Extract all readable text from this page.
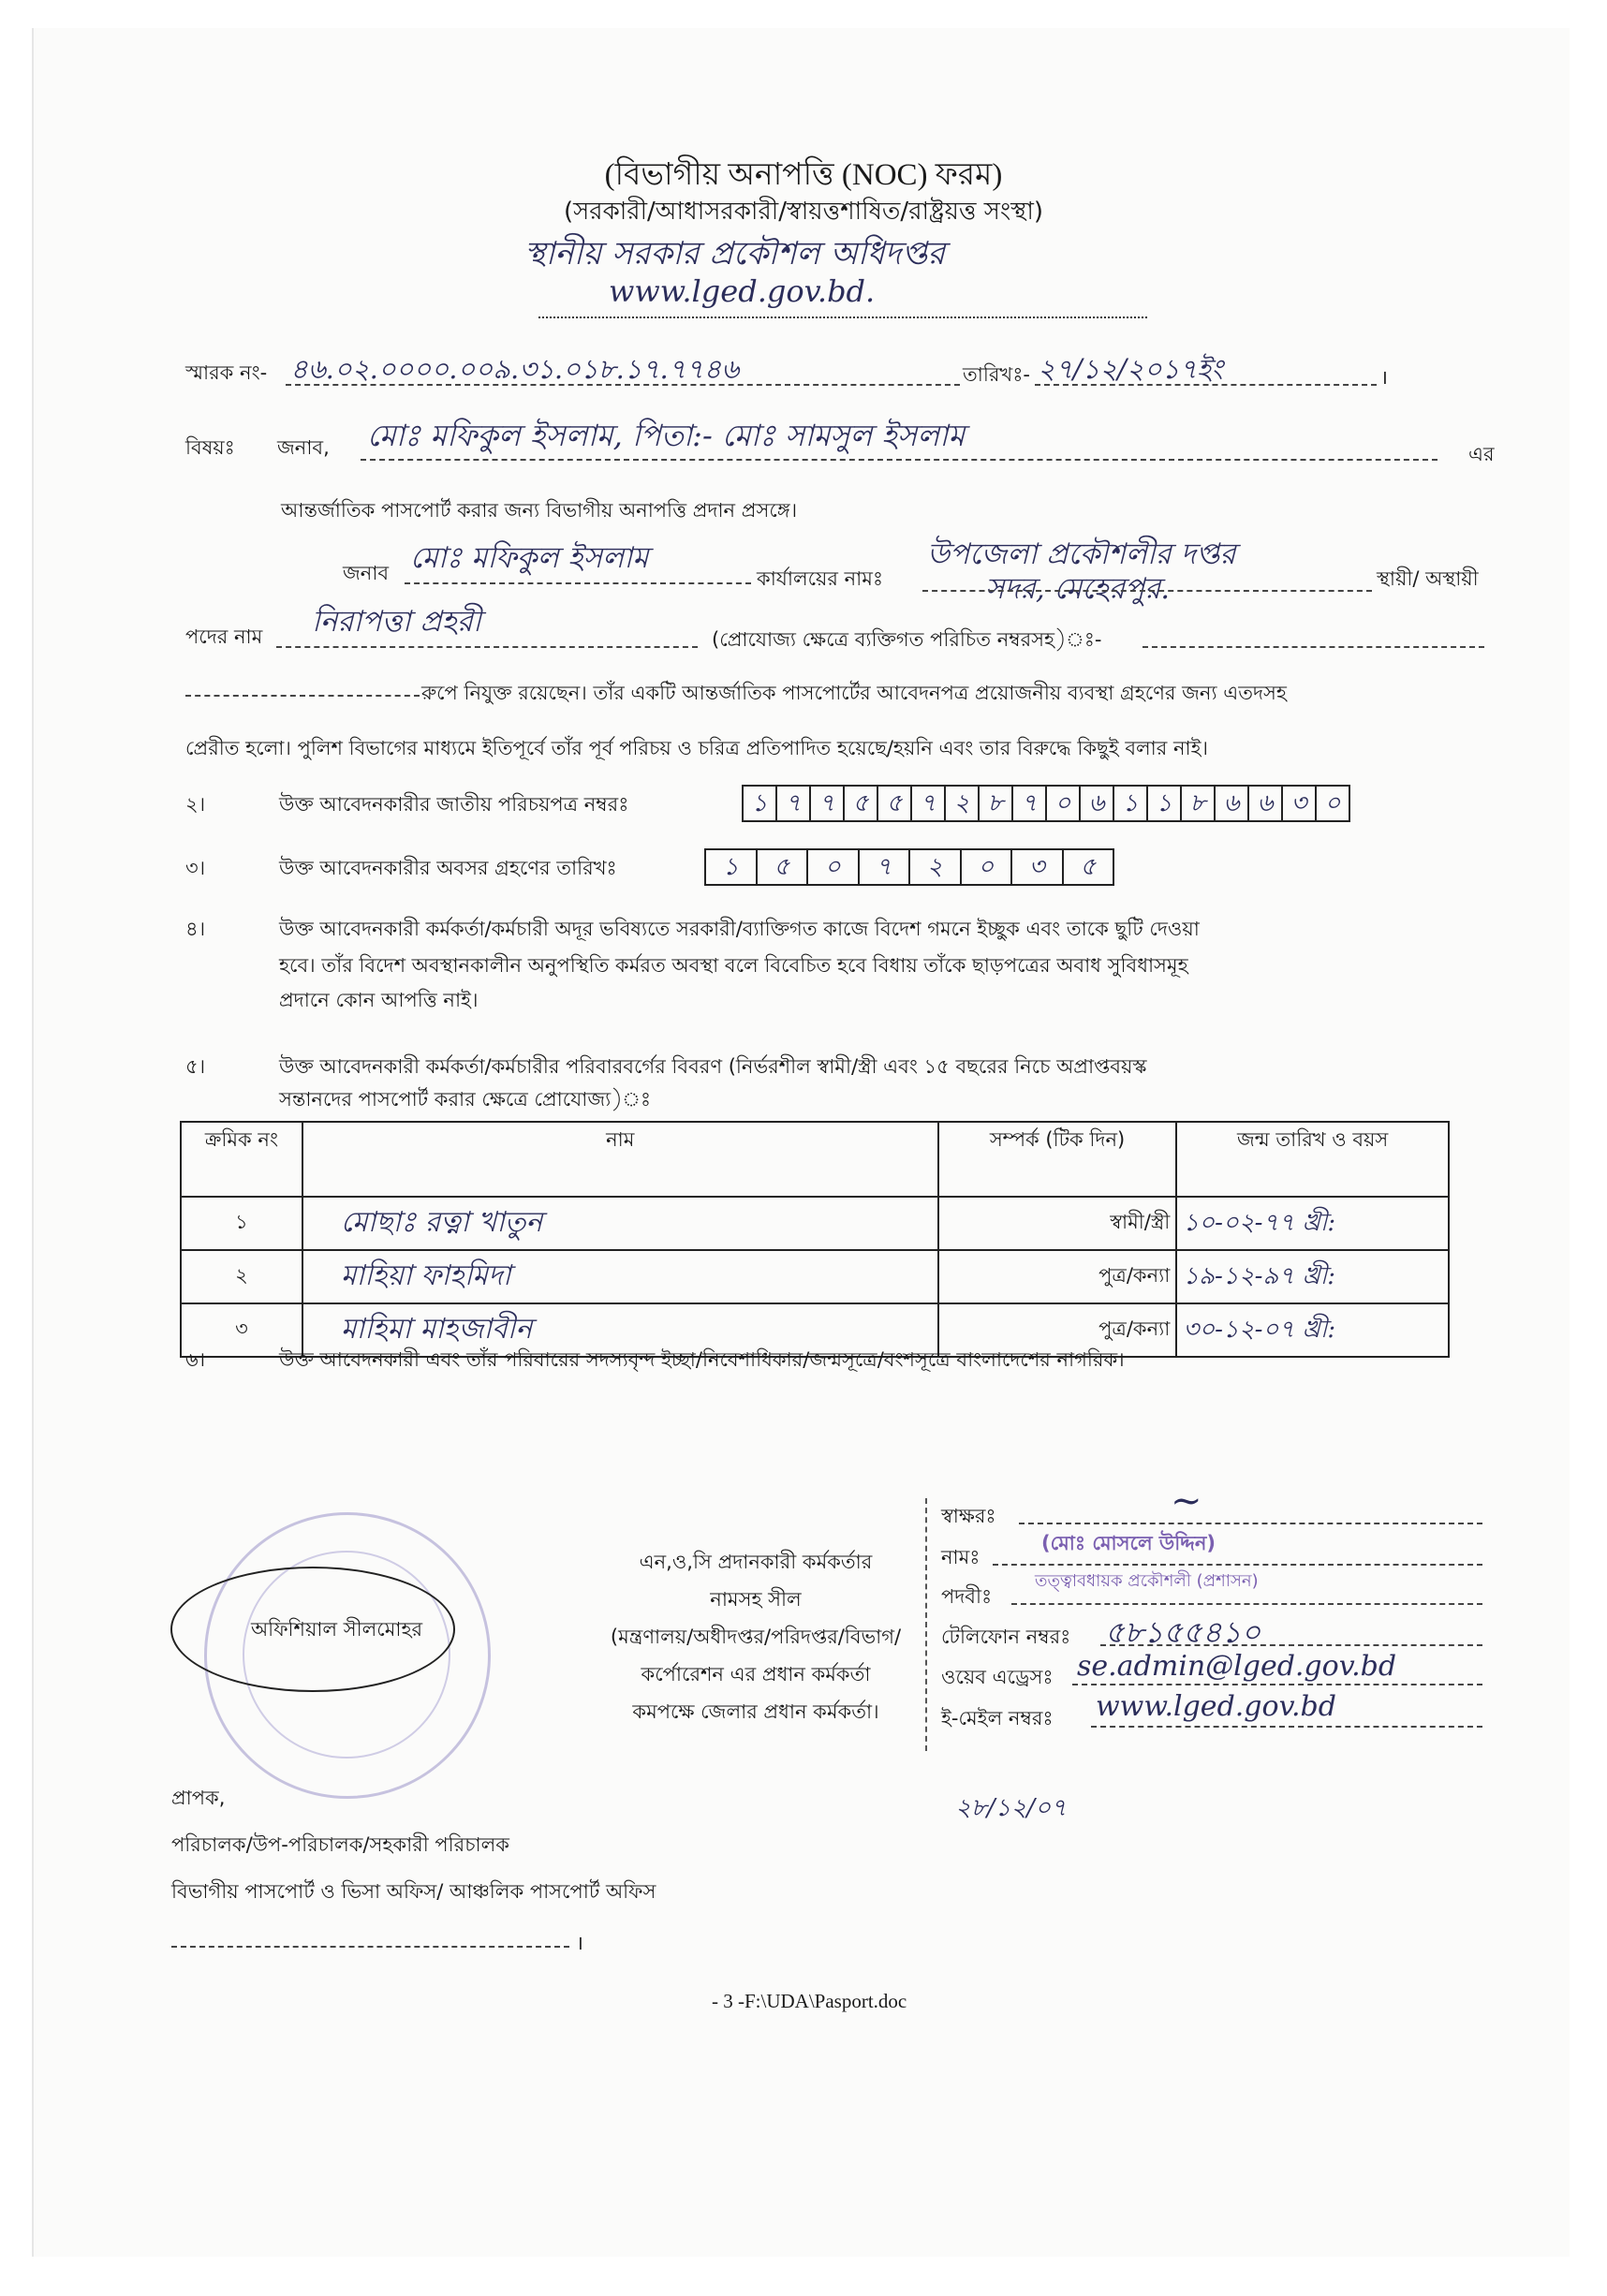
(বিভাগীয় অনাপত্তি (NOC) ফরম)
(সরকারী/আধাসরকারী/স্বায়ত্তশাষিত/রাষ্ট্রয়ত্ত সংস্থা)
স্থানীয় সরকার প্রকৌশল অধিদপ্তর
www.lged.gov.bd.
স্মারক নং- ৪৬.০২.০০০০.০০৯.৩১.০১৮.১৭.৭৭৪৬	তারিখঃ- ২৭/১২/২০১৭ইং	।
বিষয়ঃ জনাব, মোঃ মফিকুল ইসলাম, পিতা:- মোঃ সামসুল ইসলাম
এর
আন্তর্জাতিক পাসপোর্ট করার জন্য বিভাগীয় অনাপত্তি প্রদান প্রসঙ্গে।
জনাব মোঃ মফিকুল ইসলাম
কার্যালয়ের নামঃ
উপজেলা প্রকৌশলীর দপ্তর
সদর, মেহেরপুর.	স্থায়ী/ অস্থায়ী
পদের নাম নিরাপত্তা প্রহরী
(প্রোযোজ্য ক্ষেত্রে ব্যক্তিগত পরিচিত নম্বরসহ)ঃ-
রুপে নিযুক্ত রয়েছেন। তাঁর একটি আন্তর্জাতিক পাসপোর্টের আবেদনপত্র প্রয়োজনীয় ব্যবস্থা গ্রহণের জন্য এতদসহ
প্রেরীত হলো। পুলিশ বিভাগের মাধ্যমে ইতিপূর্বে তাঁর পূর্ব পরিচয় ও চরিত্র প্রতিপাদিত হয়েছে/হয়নি এবং তার বিরুদ্ধে কিছুই বলার নাই।
২।	উক্ত আবেদনকারীর জাতীয় পরিচয়পত্র নম্বরঃ	১ ৭ ৭ ৫ ৫ ৭ ২ ৮ ৭ ০ ৬ ১ ১ ৮ ৬ ৬ ৩ ০
৩।	উক্ত আবেদনকারীর অবসর গ্রহণের তারিখঃ	১	৫	০	৭	২	০	৩	৫
৪।	উক্ত আবেদনকারী কর্মকর্তা/কর্মচারী অদূর ভবিষ্যতে সরকারী/ব্যাক্তিগত কাজে বিদেশ গমনে ইচ্ছুক এবং তাকে ছুটি দেওয়া
হবে। তাঁর বিদেশ অবস্থানকালীন অনুপস্থিতি কর্মরত অবস্থা বলে বিবেচিত হবে বিধায় তাঁকে ছাড়পত্রের অবাধ সুবিধাসমূহ
প্রদানে কোন আপত্তি নাই।
৫।	উক্ত আবেদনকারী কর্মকর্তা/কর্মচারীর পরিবারবর্গের বিবরণ (নির্ভরশীল স্বামী/স্ত্রী এবং ১৫ বছরের নিচে অপ্রাপ্তবয়স্ক
সন্তানদের পাসপোর্ট করার ক্ষেত্রে প্রোযোজ্য)ঃ
ক্রমিক নং	নাম	সম্পর্ক (টিক দিন)	জন্ম তারিখ ও বয়স
১	মোছাঃ রত্না খাতুন	স্বামী/স্ত্রী	১০-০২-৭৭ খ্রী:
২	মাহিয়া ফাহমিদা	পুত্র/কন্যা	১৯-১২-৯৭ খ্রী:
৩	মাহিমা মাহজাবীন	পুত্র/কন্যা	৩০-১২-০৭ খ্রী:
৬।	উক্ত আবেদনকারী এবং তাঁর পরিবারের সদস্যবৃন্দ ইচ্ছা/নিবেশাধিকার/জন্মসূত্রে/বংশসূত্রে বাংলাদেশের নাগরিক।
অফিশিয়াল সীলমোহর
এন,ও,সি প্রদানকারী কর্মকর্তার
নামসহ সীল
(মন্ত্রণালয়/অধীদপ্তর/পরিদপ্তর/বিভাগ/
কর্পোরেশন এর প্রধান কর্মকর্তা
কমপক্ষে জেলার প্রধান কর্মকর্তা।
স্বাক্ষরঃ	~
নামঃ
(মোঃ মোসলে উদ্দিন)
পদবীঃ
তত্ত্বাবধায়ক প্রকৌশলী (প্রশাসন)
টেলিফোন নম্বরঃ ৫৮১৫৫৪১০
ওয়েব এড্রেসঃ se.admin@lged.gov.bd
ই-মেইল নম্বরঃ www.lged.gov.bd
২৮/১২/০৭
প্রাপক,
পরিচালক/উপ-পরিচালক/সহকারী পরিচালক
বিভাগীয় পাসপোর্ট ও ভিসা অফিস/ আঞ্চলিক পাসপোর্ট অফিস
।
- 3 -F:\UDA\Pasport.doc
